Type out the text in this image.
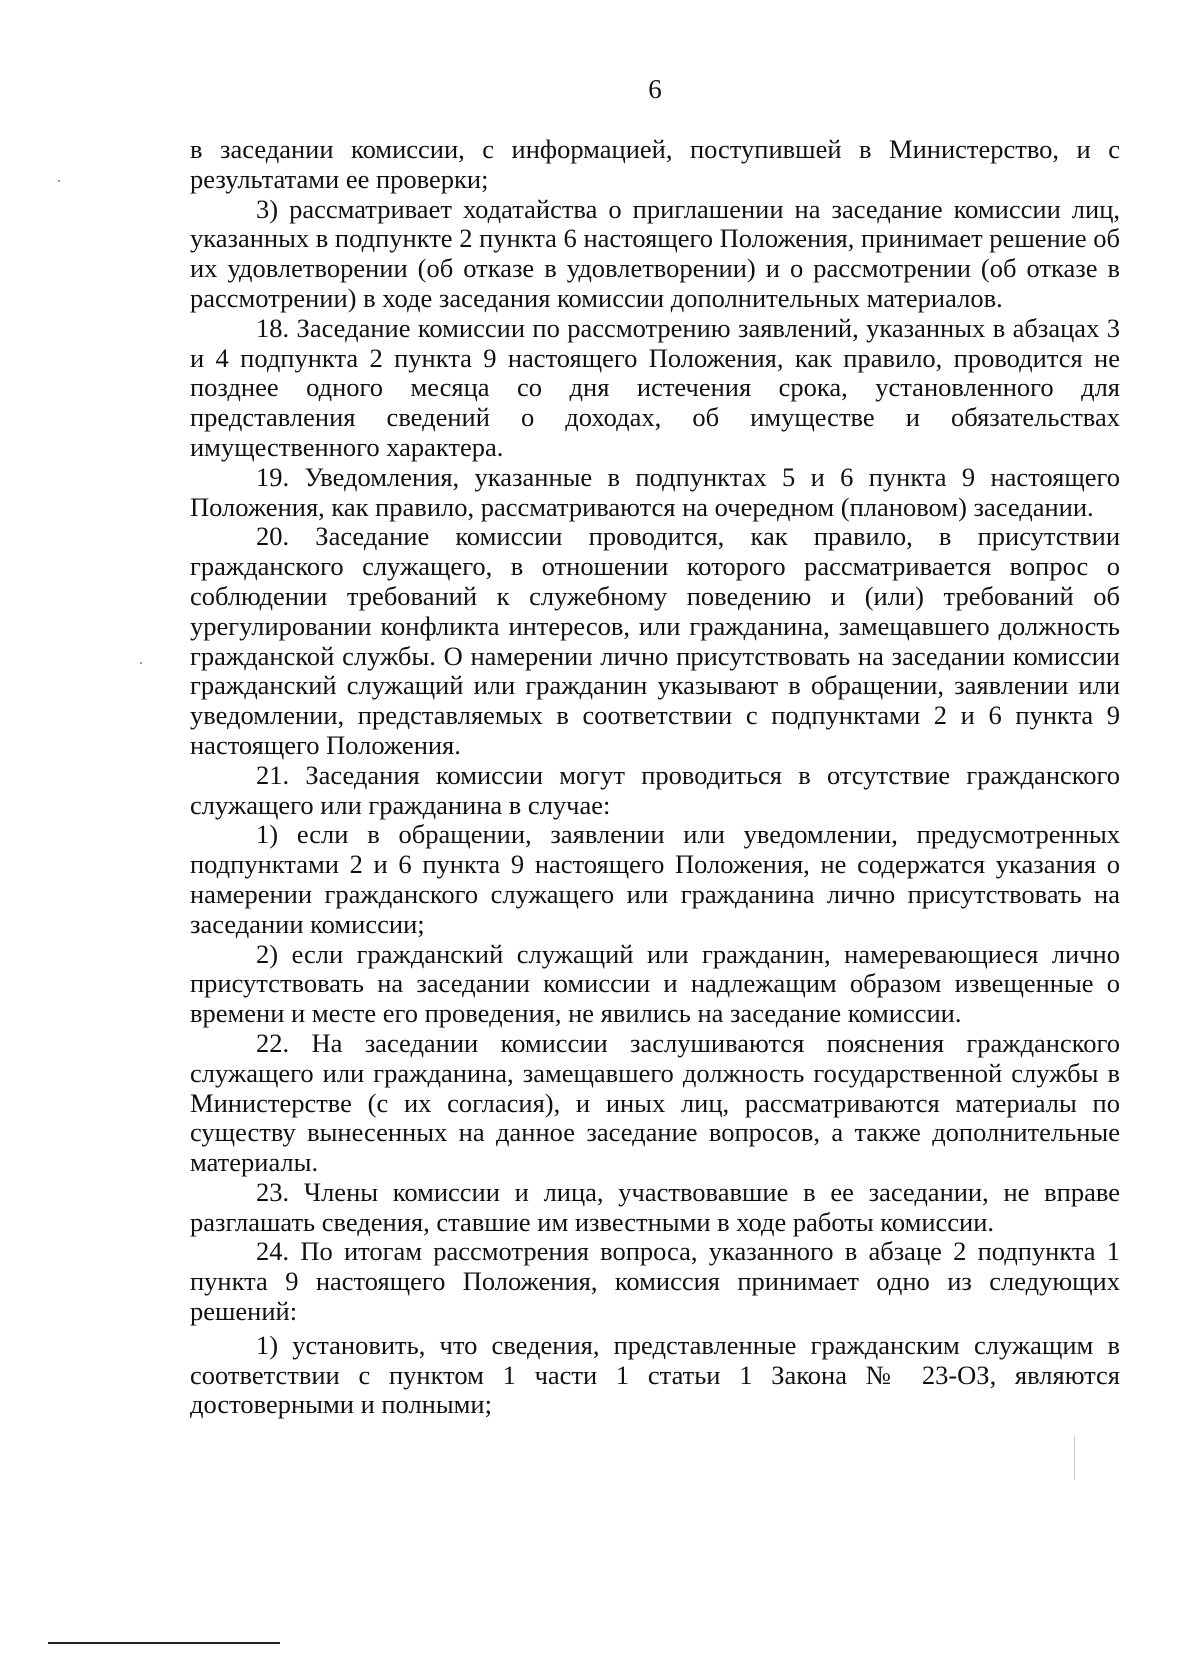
6

в заседании комиссии, с информацией, поступившей в Министерство, и с результатами ее проверки;

3) рассматривает ходатайства о приглашении на заседание комиссии лиц, указанных в подпункте 2 пункта 6 настоящего Положения, принимает решение об их удовлетворении (об отказе в удовлетворении) и о рассмотрении (об отказе в рассмотрении) в ходе заседания комиссии дополнительных материалов.

18. Заседание комиссии по рассмотрению заявлений, указанных в абзацах 3 и 4 подпункта 2 пункта 9 настоящего Положения, как правило, проводится не позднее одного месяца со дня истечения срока, установленного для представления сведений о доходах, об имуществе и обязательствах имущественного характера.

19. Уведомления, указанные в подпунктах 5 и 6 пункта 9 настоящего Положения, как правило, рассматриваются на очередном (плановом) заседании.

20. Заседание комиссии проводится, как правило, в присутствии гражданского служащего, в отношении которого рассматривается вопрос о соблюдении требований к служебному поведению и (или) требований об урегулировании конфликта интересов, или гражданина, замещавшего должность гражданской службы. О намерении лично присутствовать на заседании комиссии гражданский служащий или гражданин указывают в обращении, заявлении или уведомлении, представляемых в соответствии с подпунктами 2 и 6 пункта 9 настоящего Положения.

21. Заседания комиссии могут проводиться в отсутствие гражданского служащего или гражданина в случае:

1) если в обращении, заявлении или уведомлении, предусмотренных подпунктами 2 и 6 пункта 9 настоящего Положения, не содержатся указания о намерении гражданского служащего или гражданина лично присутствовать на заседании комиссии;

2) если гражданский служащий или гражданин, намеревающиеся лично присутствовать на заседании комиссии и надлежащим образом извещенные о времени и месте его проведения, не явились на заседание комиссии.

22. На заседании комиссии заслушиваются пояснения гражданского служащего или гражданина, замещавшего должность государственной службы в Министерстве (с их согласия), и иных лиц, рассматриваются материалы по существу вынесенных на данное заседание вопросов, а также дополнительные материалы.

23. Члены комиссии и лица, участвовавшие в ее заседании, не вправе разглашать сведения, ставшие им известными в ходе работы комиссии.

24. По итогам рассмотрения вопроса, указанного в абзаце 2 подпункта 1 пункта 9 настоящего Положения, комиссия принимает одно из следующих решений:

1) установить, что сведения, представленные гражданским служащим в соответствии с пунктом 1 части 1 статьи 1 Закона № 23-ОЗ, являются достоверными и полными;
